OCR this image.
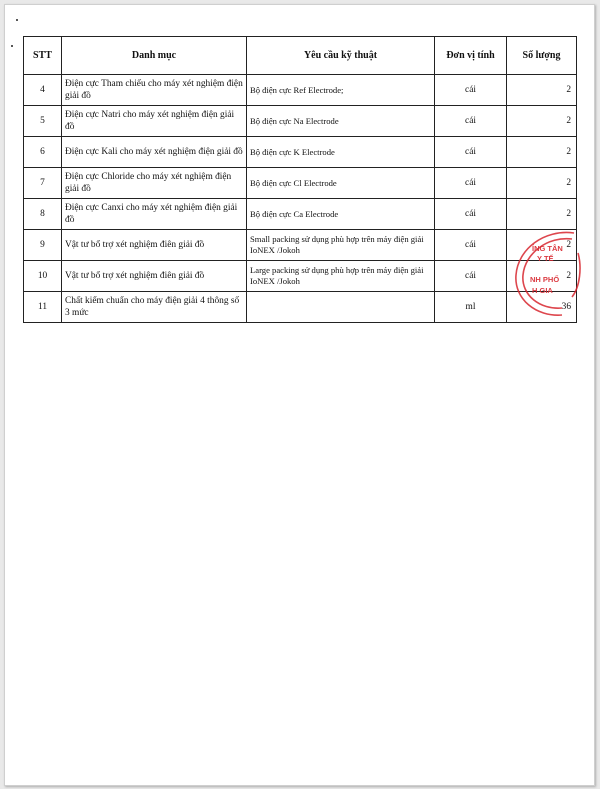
STT	Danh mục	Yêu cầu kỹ thuật	Đơn vị tính	Số lượng
4	Điện cực Tham chiếu cho máy xét nghiệm điện giải đồ	Bộ điện cực Ref Electrode;	cái	2
5	Điện cực Natri cho máy xét nghiệm điện giải đồ	Bộ điện cực Na Electrode	cái	2
6	Điện cực Kali cho máy xét nghiệm điện giải đồ	Bộ điện cực K Electrode	cái	2
7	Điện cực Chloride cho máy xét nghiệm điện giải đồ	Bộ điện cực Cl Electrode	cái	2
8	Điện cực Canxi cho máy xét nghiệm điện giải đồ	Bộ điện cực Ca Electrode	cái	2
9	Vật tư bổ trợ xét nghiệm điên giải đồ	Small packing sử dụng phù hợp trên máy điện giải IoNEX /Jokoh	cái	2
10	Vật tư bổ trợ xét nghiệm điên giải đồ	Large packing sử dụng phù hợp trên máy điện giải IoNEX /Jokoh	cái	2
11	Chất kiểm chuẩn cho máy điện giải 4 thông số 3 mức		ml	36
ÍNG TÂN
Y TẾ
NH PHỐ
H GIA
